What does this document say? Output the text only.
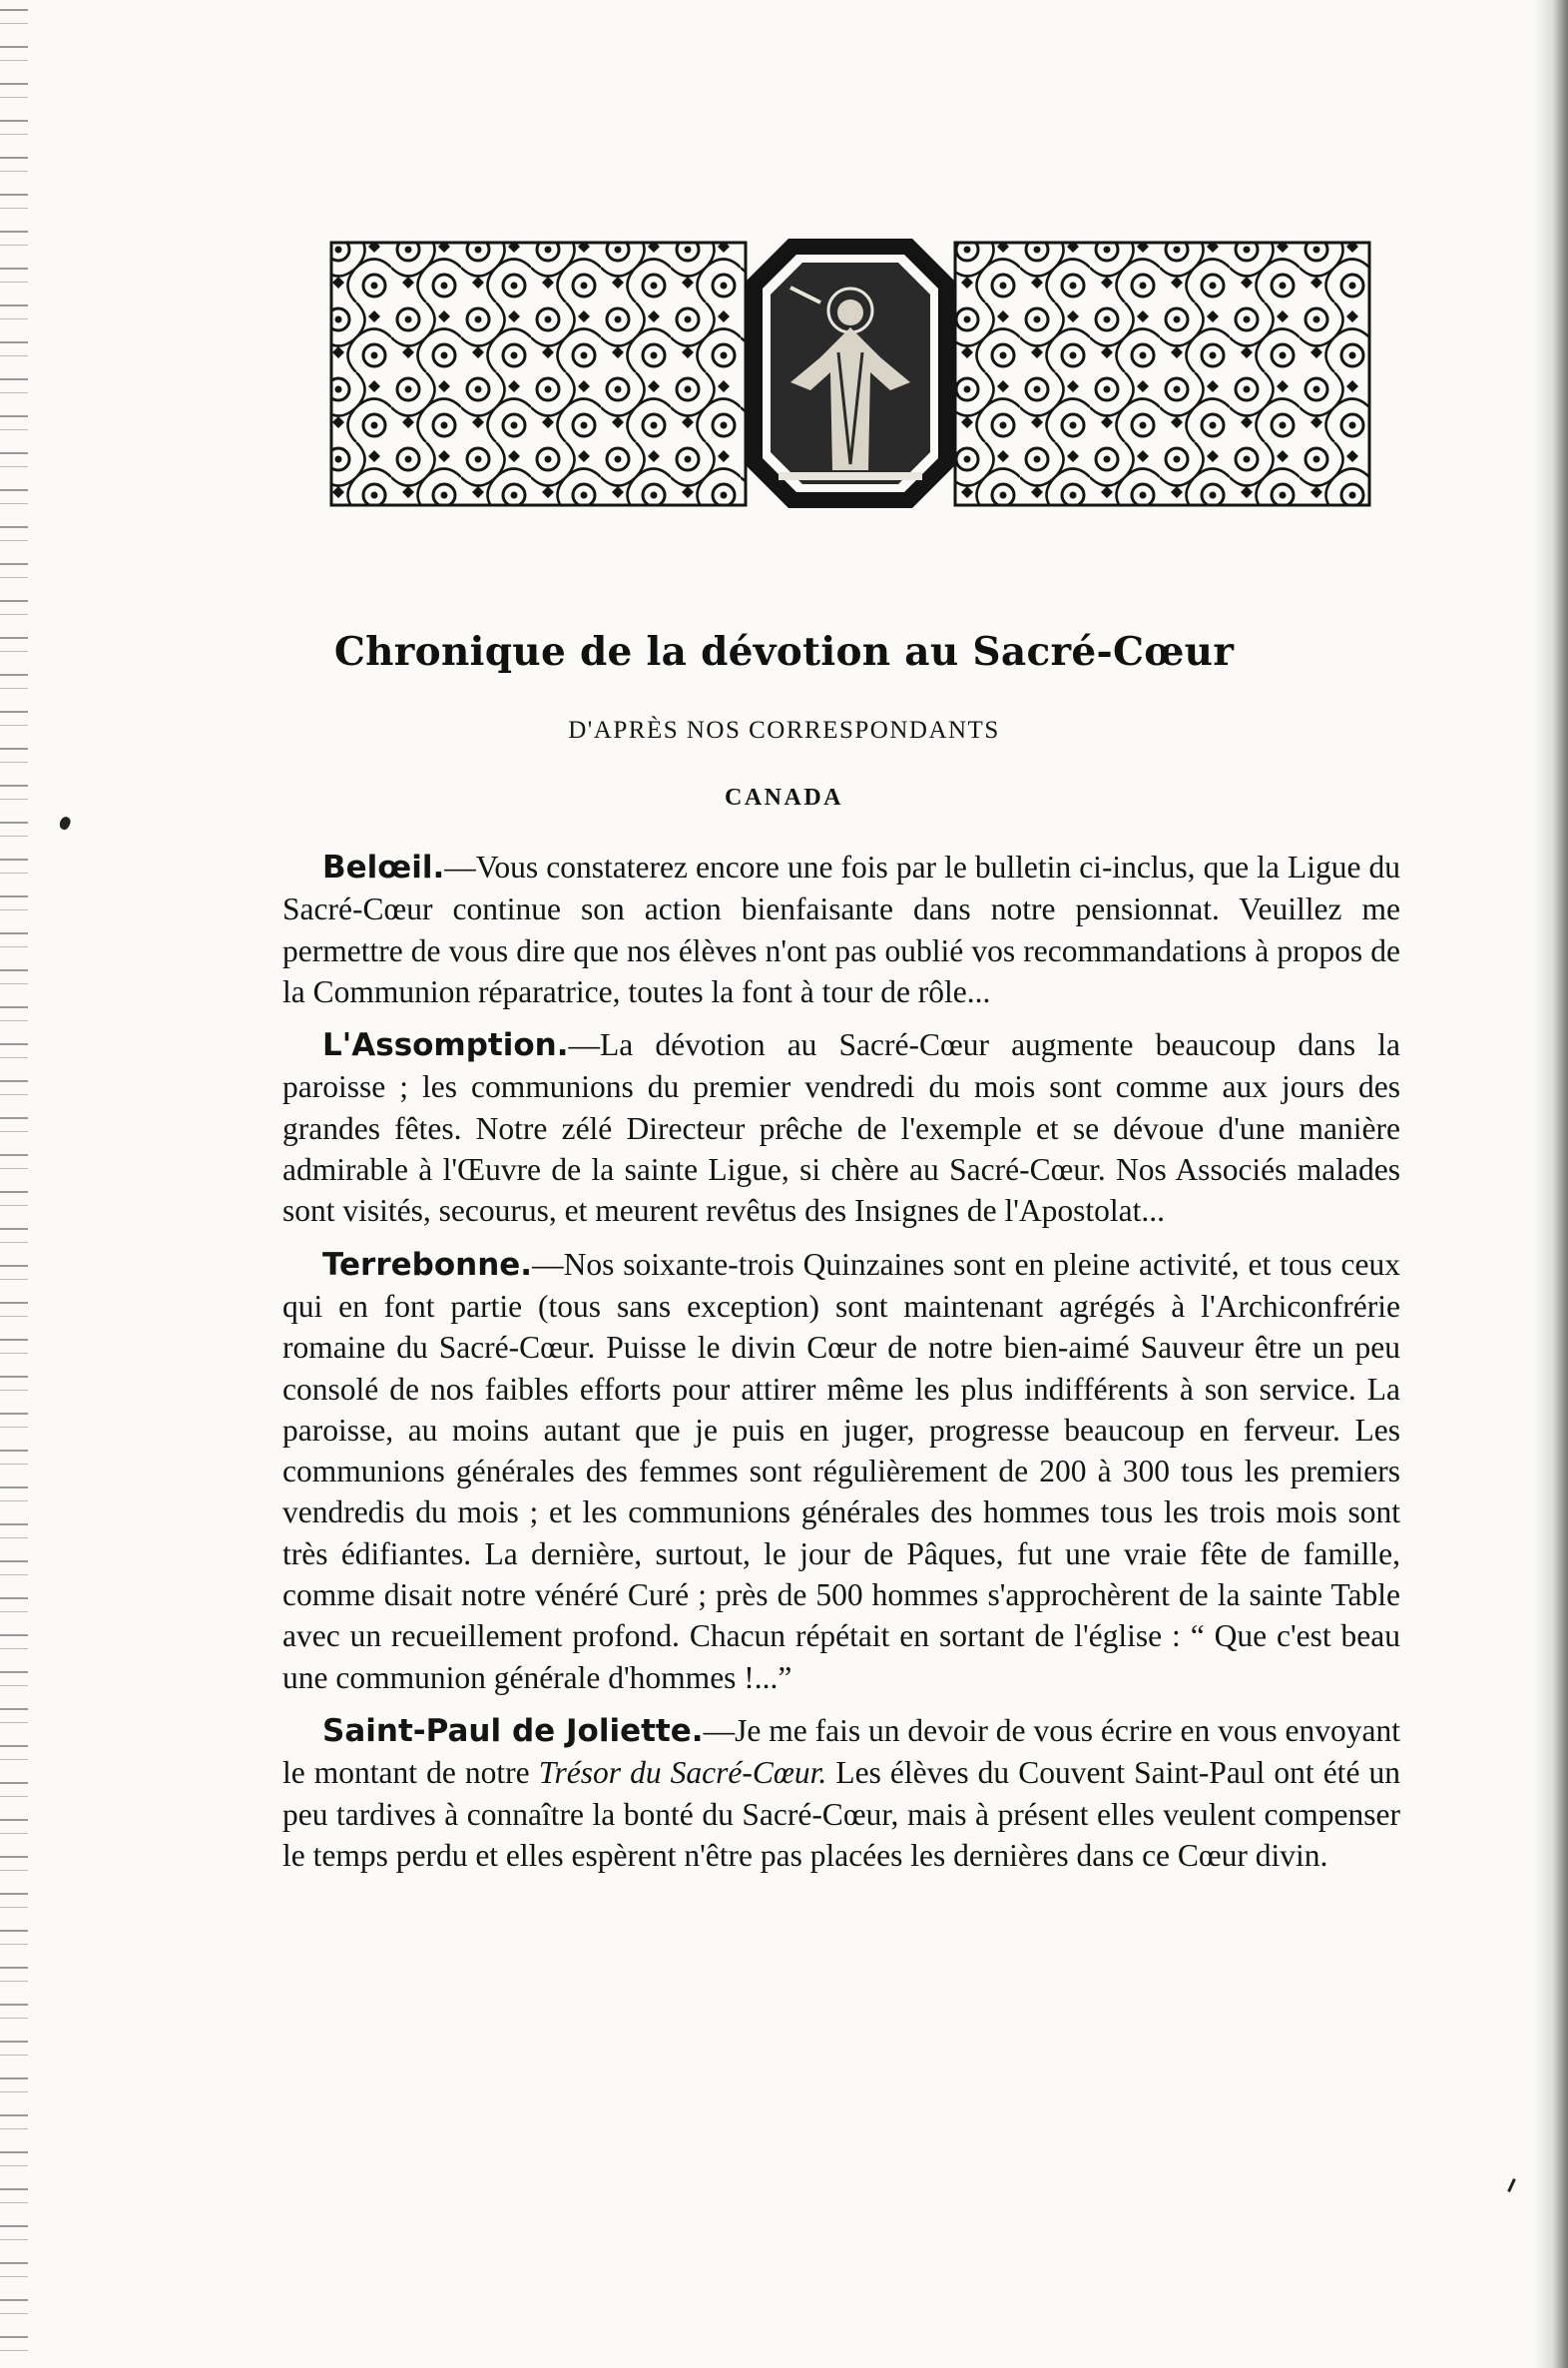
Chronique de la dévotion au Sacré-Cœur

D'APRÈS NOS CORRESPONDANTS

CANADA

Belœil.—Vous constaterez encore une fois par le bulletin ci-inclus, que la Ligue du Sacré-Cœur continue son action bienfaisante dans notre pensionnat. Veuillez me permettre de vous dire que nos élèves n'ont pas oublié vos recommandations à propos de la Communion réparatrice, toutes la font à tour de rôle...

L'Assomption.—La dévotion au Sacré-Cœur augmente beaucoup dans la paroisse ; les communions du premier vendredi du mois sont comme aux jours des grandes fêtes. Notre zélé Directeur prêche de l'exemple et se dévoue d'une manière admirable à l'Œuvre de la sainte Ligue, si chère au Sacré-Cœur. Nos Associés malades sont visités, secourus, et meurent revêtus des Insignes de l'Apostolat...

Terrebonne.—Nos soixante-trois Quinzaines sont en pleine activité, et tous ceux qui en font partie (tous sans exception) sont maintenant agrégés à l'Archiconfrérie romaine du Sacré-Cœur. Puisse le divin Cœur de notre bien-aimé Sauveur être un peu consolé de nos faibles efforts pour attirer même les plus indifférents à son service. La paroisse, au moins autant que je puis en juger, progresse beaucoup en ferveur. Les communions générales des femmes sont régulièrement de 200 à 300 tous les premiers vendredis du mois ; et les communions générales des hommes tous les trois mois sont très édifiantes. La dernière, surtout, le jour de Pâques, fut une vraie fête de famille, comme disait notre vénéré Curé ; près de 500 hommes s'approchèrent de la sainte Table avec un recueillement profond. Chacun répétait en sortant de l'église : “ Que c'est beau une communion générale d'hommes !...”

Saint-Paul de Joliette.—Je me fais un devoir de vous écrire en vous envoyant le montant de notre Trésor du Sacré-Cœur. Les élèves du Couvent Saint-Paul ont été un peu tardives à connaître la bonté du Sacré-Cœur, mais à présent elles veulent compenser le temps perdu et elles espèrent n'être pas placées les dernières dans ce Cœur divin.
